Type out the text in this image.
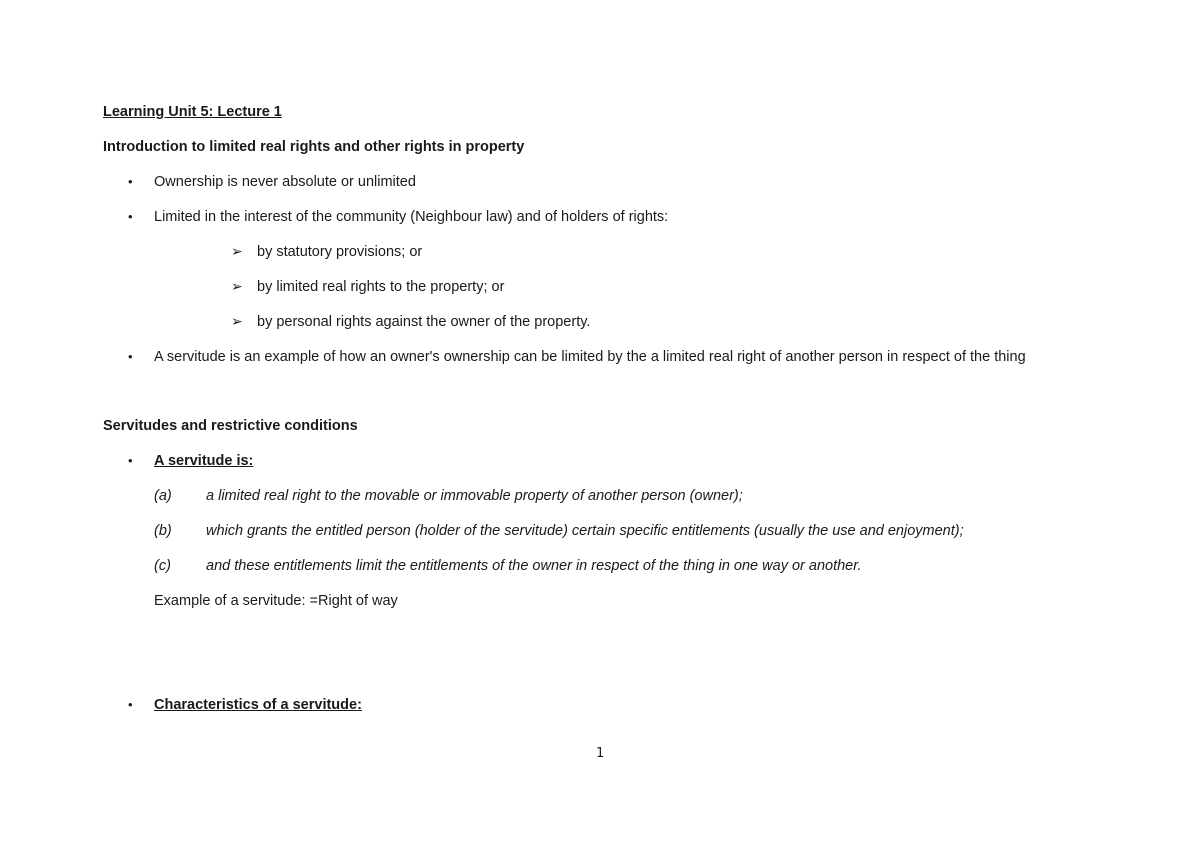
Learning Unit 5: Lecture 1
Introduction to limited real rights and other rights in property
• Ownership is never absolute or unlimited
• Limited in the interest of the community (Neighbour law) and of holders of rights:
➢ by statutory provisions; or
➢ by limited real rights to the property; or
➢ by personal rights against the owner of the property.
• A servitude is an example of how an owner's ownership can be limited by the a limited real right of another person in respect of the thing
Servitudes and restrictive conditions
• A servitude is:
(a) a limited real right to the movable or immovable property of another person (owner);
(b) which grants the entitled person (holder of the servitude) certain specific entitlements (usually the use and enjoyment);
(c) and these entitlements limit the entitlements of the owner in respect of the thing in one way or another.
Example of a servitude: =Right of way
• Characteristics of a servitude:
1
